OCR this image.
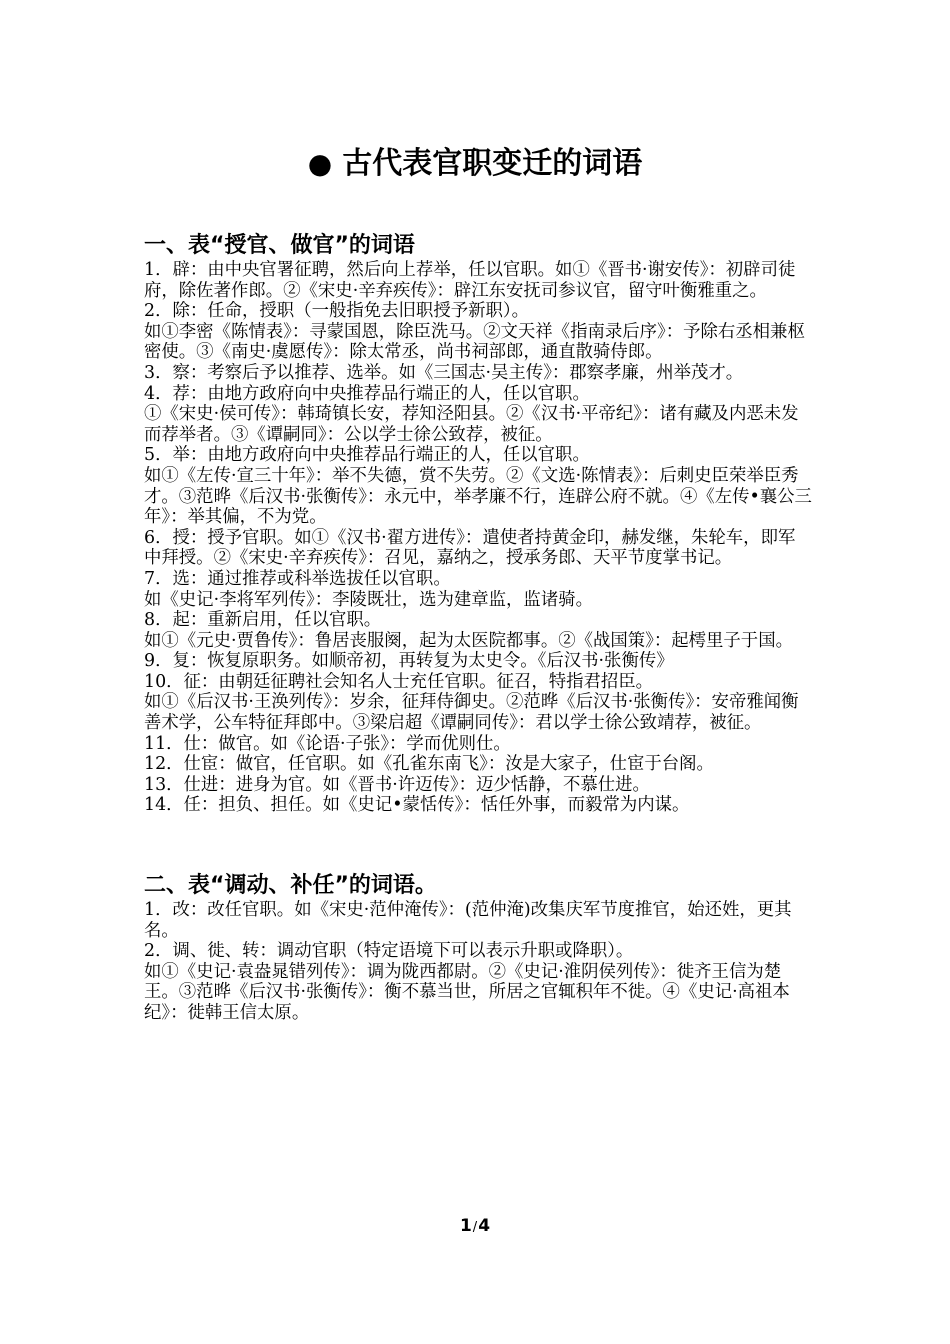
● 古代表官职变迁的词语
一、表“授官、做官”的词语

1．辟：由中央官署征聘，然后向上荐举，任以官职。如①《晋书·谢安传》：初辟司徒府，除佐著作郎。②《宋史·辛弃疾传》：辟江东安抚司参议官，留守叶衡雅重之。

2．除：任命，授职（一般指免去旧职授予新职）。

如①李密《陈情表》：寻蒙国恩，除臣洗马。②文天祥《指南录后序》：予除右丞相兼枢密使。③《南史·虞愿传》：除太常丞，尚书祠部郎，通直散骑侍郎。

3．察：考察后予以推荐、选举。如《三国志·吴主传》：郡察孝廉，州举茂才。

4．荐：由地方政府向中央推荐品行端正的人，任以官职。

①《宋史·侯可传》：韩琦镇长安，荐知泾阳县。②《汉书·平帝纪》：诸有藏及内恶未发而荐举者。③《谭嗣同》：公以学士徐公致荐，被征。

5．举：由地方政府向中央推荐品行端正的人，任以官职。

如①《左传·宣三十年》：举不失德，赏不失劳。②《文选·陈情表》：后刺史臣荣举臣秀才。③范晔《后汉书·张衡传》：永元中，举孝廉不行，连辟公府不就。④《左传•襄公三年》：举其偏，不为党。

6．授：授予官职。如①《汉书·翟方进传》：遣使者持黄金印，赫发继，朱轮车，即军中拜授。②《宋史·辛弃疾传》：召见，嘉纳之，授承务郎、天平节度掌书记。

7．选：通过推荐或科举选拔任以官职。

如《史记·李将军列传》：李陵既壮，选为建章监，监诸骑。

8．起：重新启用，任以官职。

如①《元史·贾鲁传》：鲁居丧服阕，起为太医院都事。②《战国策》：起樗里子于国。

9．复：恢复原职务。如顺帝初，再转复为太史令。《后汉书·张衡传》

10．征：由朝廷征聘社会知名人士充任官职。征召，特指君招臣。

如①《后汉书·王涣列传》：岁余，征拜侍御史。②范晔《后汉书·张衡传》：安帝雅闻衡善术学，公车特征拜郎中。③梁启超《谭嗣同传》：君以学士徐公致靖荐，被征。

11．仕：做官。如《论语·子张》：学而优则仕。

12．仕宦：做官，任官职。如《孔雀东南飞》：汝是大家子，仕宦于台阁。

13．仕进：进身为官。如《晋书·许迈传》：迈少恬静，不慕仕进。

14．任：担负、担任。如《史记•蒙恬传》：恬任外事，而毅常为内谋。

二、表“调动、补任”的词语。

1．改：改任官职。如《宋史·范仲淹传》：(范仲淹)改集庆军节度推官，始还姓，更其名。

2．调、徙、转：调动官职（特定语境下可以表示升职或降职）。

如①《史记·袁盎晁错列传》：调为陇西都尉。②《史记·淮阴侯列传》：徙齐王信为楚王。③范晔《后汉书·张衡传》：衡不慕当世，所居之官辄积年不徙。④《史记·高祖本纪》：徙韩王信太原。

1/4
